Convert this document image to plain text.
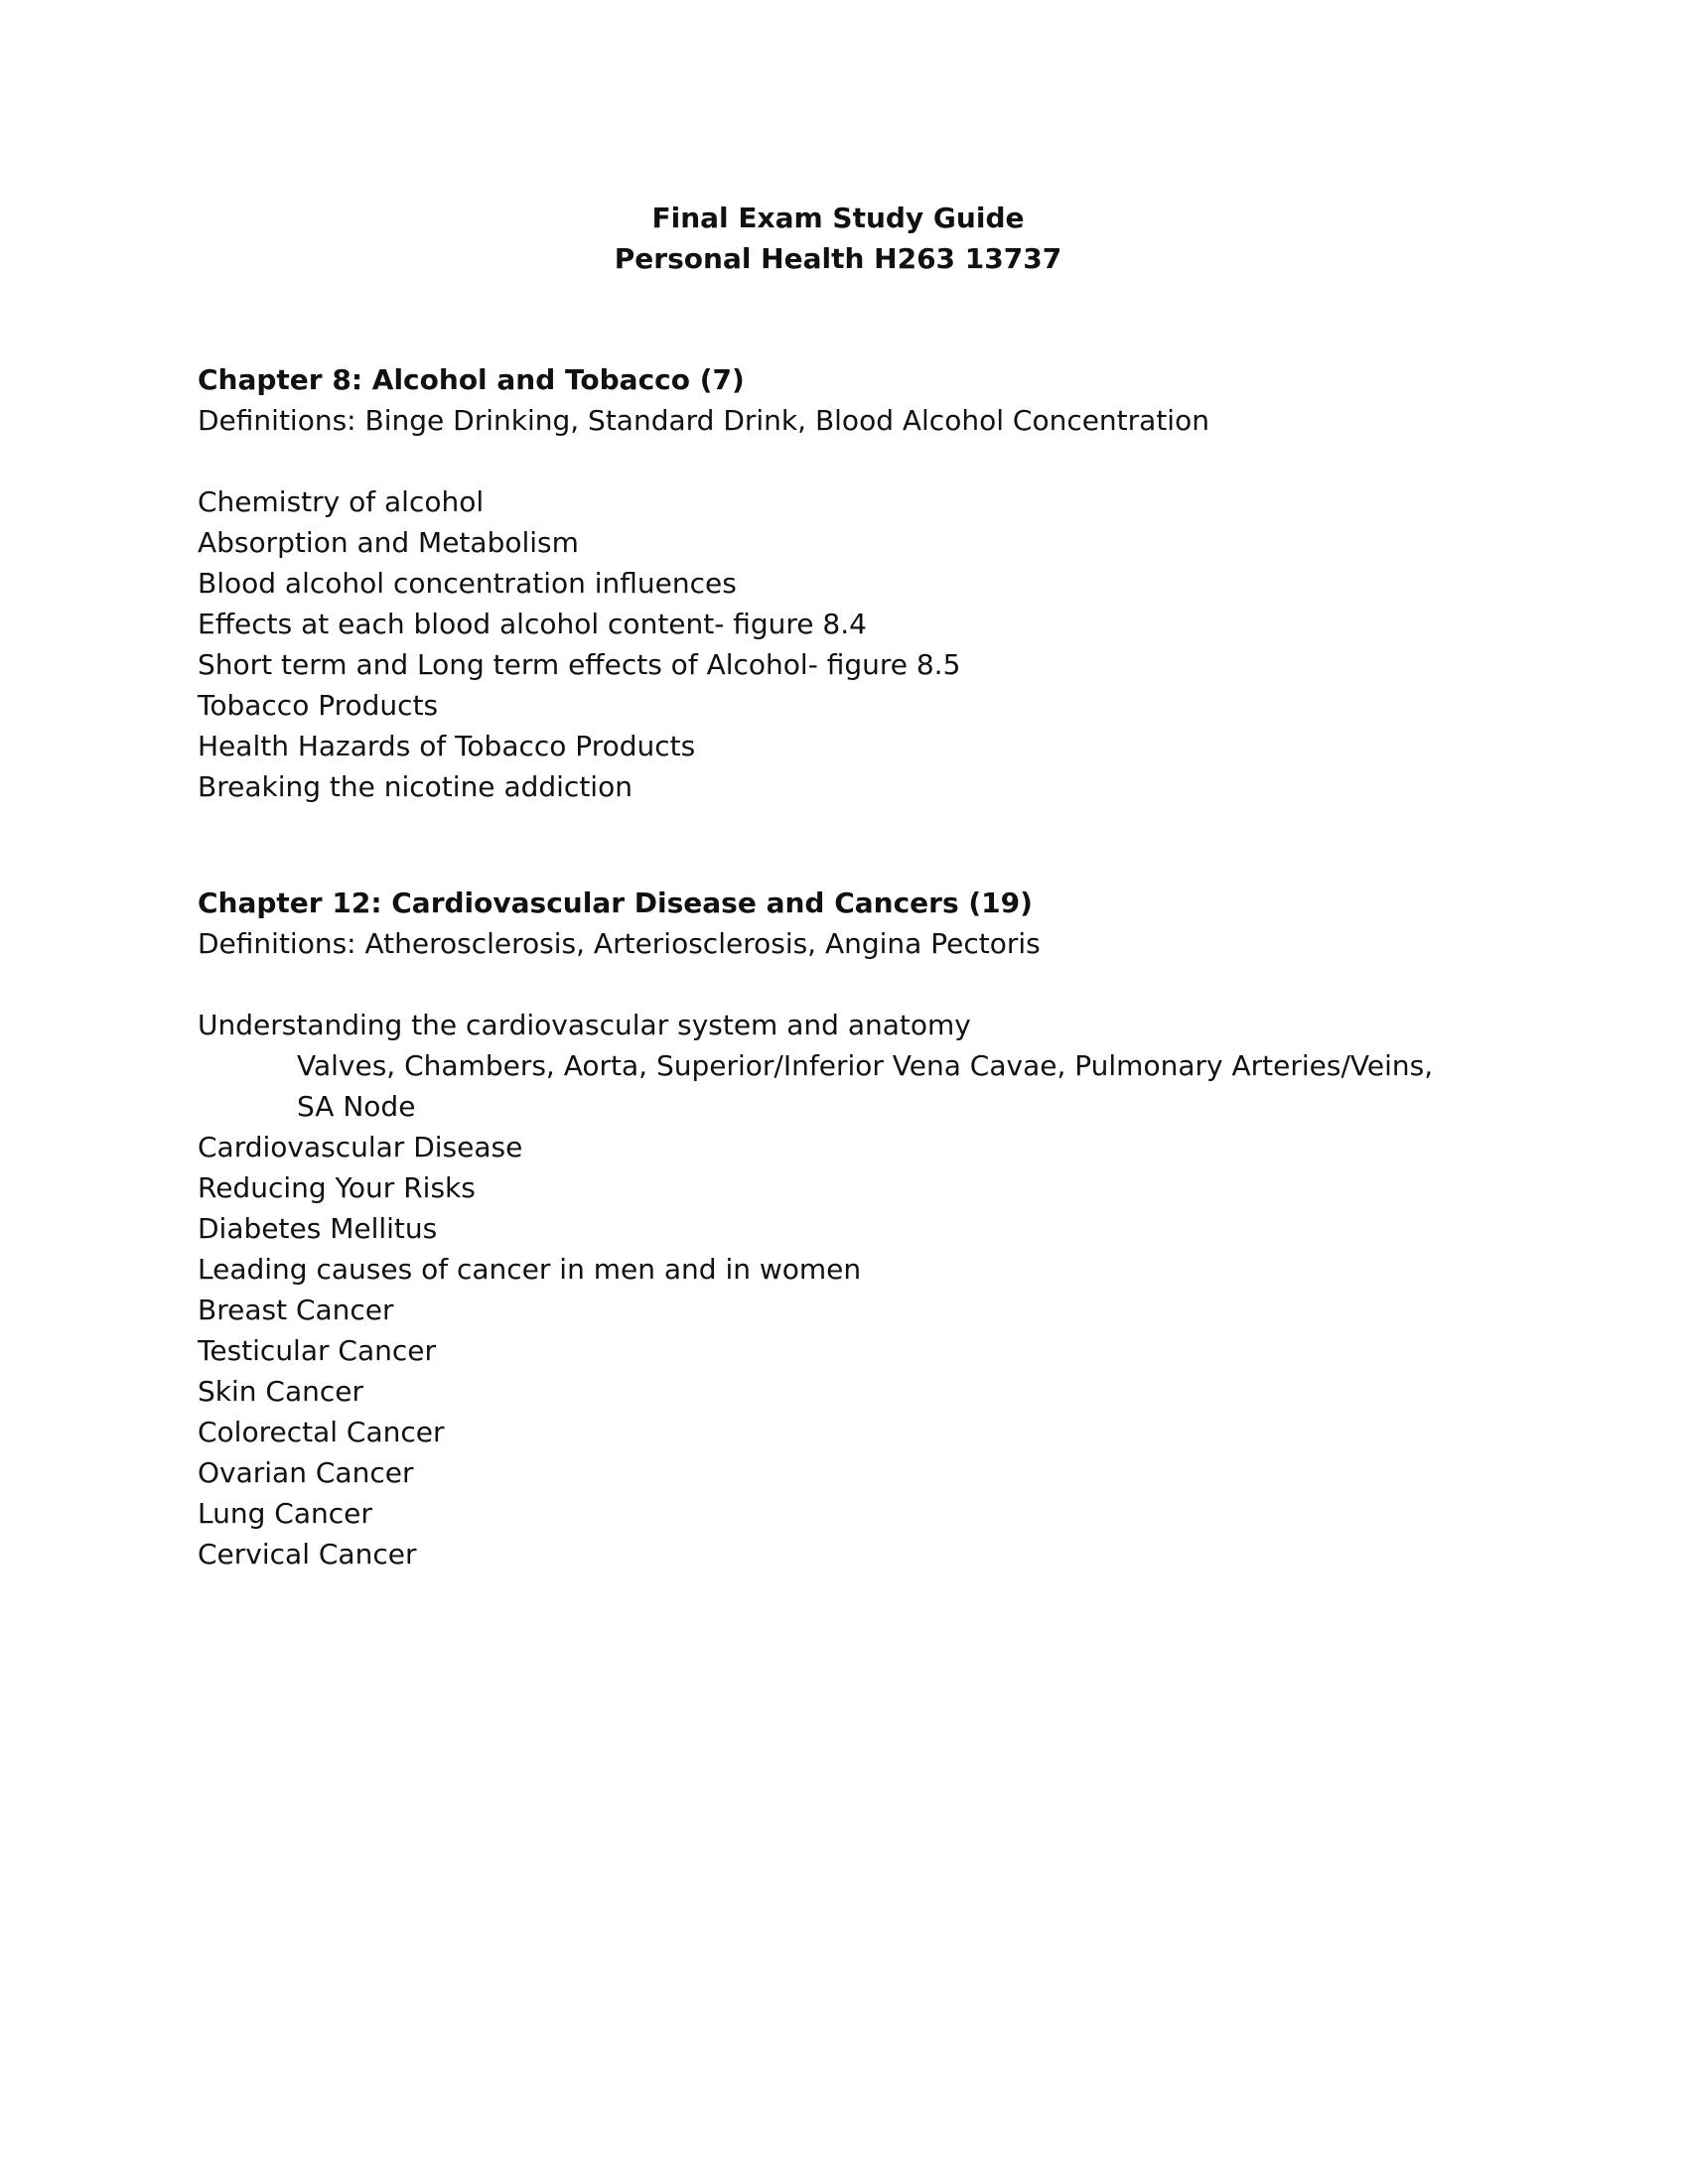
Final Exam Study Guide
Personal Health H263 13737
Chapter 8: Alcohol and Tobacco (7)
Definitions: Binge Drinking, Standard Drink, Blood Alcohol Concentration
Chemistry of alcohol
Absorption and Metabolism
Blood alcohol concentration influences
Effects at each blood alcohol content- figure 8.4
Short term and Long term effects of Alcohol- figure 8.5
Tobacco Products
Health Hazards of Tobacco Products
Breaking the nicotine addiction
Chapter 12: Cardiovascular Disease and Cancers (19)
Definitions: Atherosclerosis, Arteriosclerosis, Angina Pectoris
Understanding the cardiovascular system and anatomy
Valves, Chambers, Aorta, Superior/Inferior Vena Cavae, Pulmonary Arteries/Veins,
SA Node
Cardiovascular Disease
Reducing Your Risks
Diabetes Mellitus
Leading causes of cancer in men and in women
Breast Cancer
Testicular Cancer
Skin Cancer
Colorectal Cancer
Ovarian Cancer
Lung Cancer
Cervical Cancer
